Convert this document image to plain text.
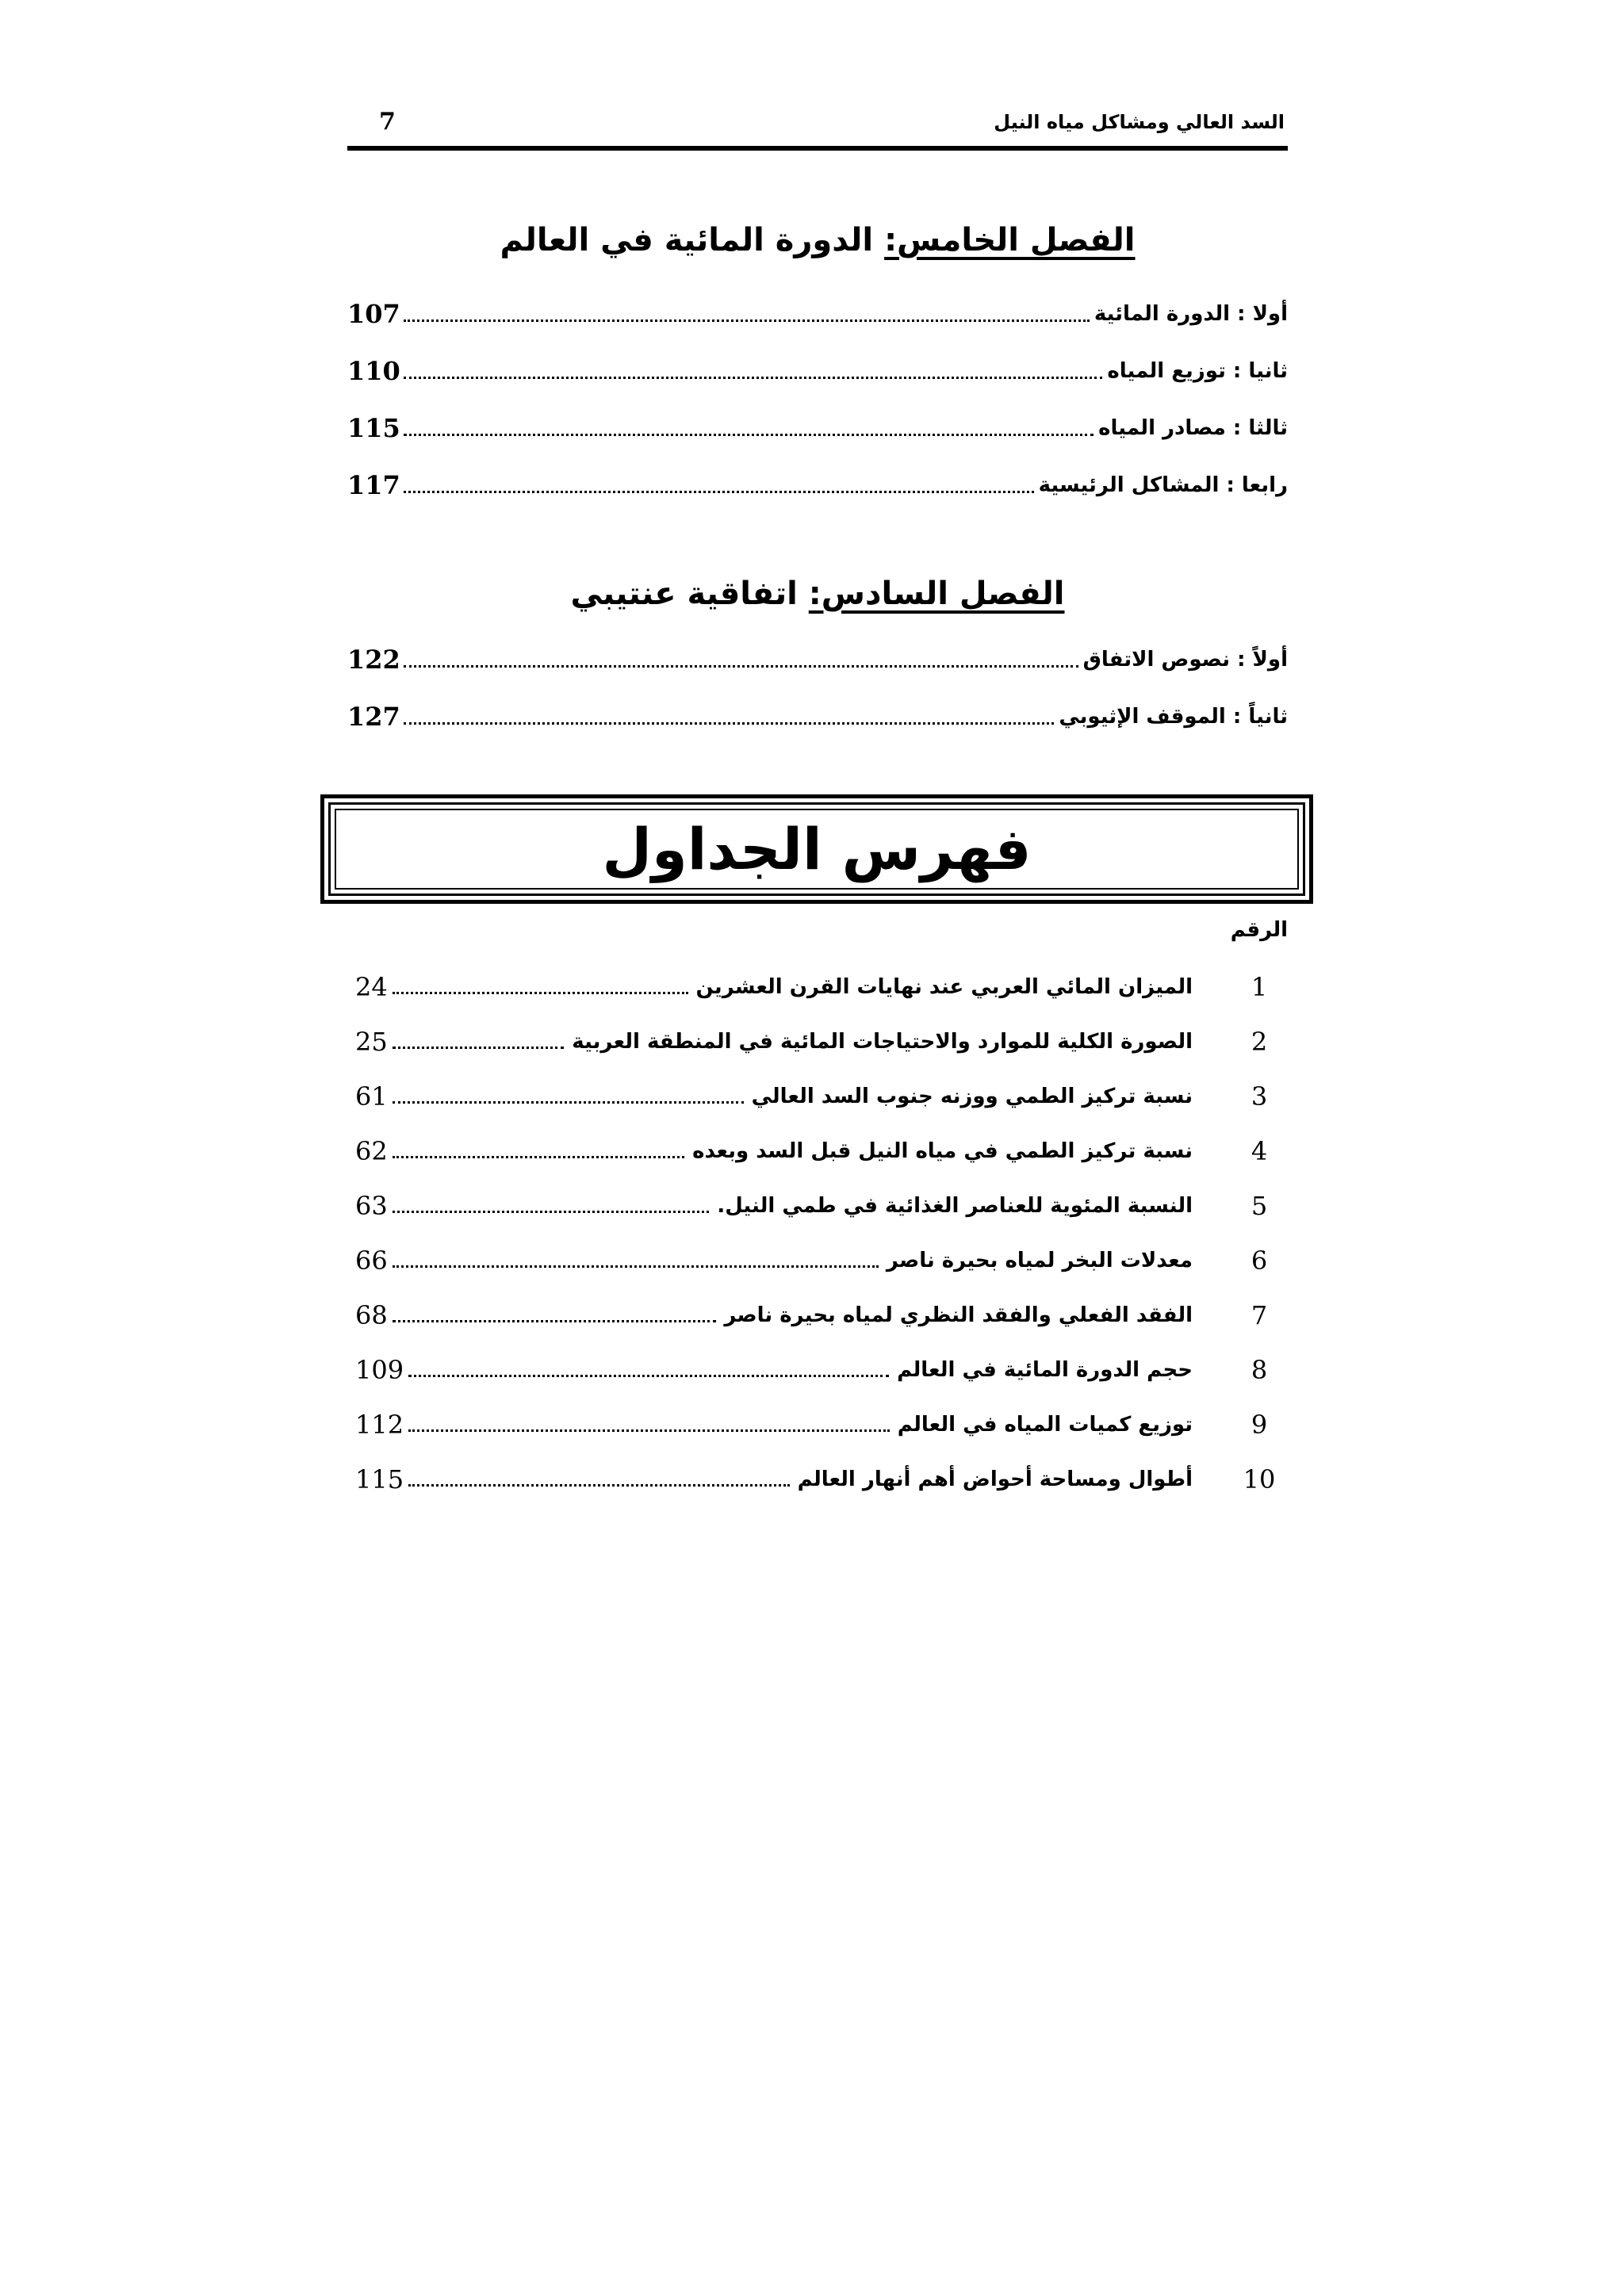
7	السد العالي ومشاكل مياه النيل
الفصل الخامس: الدورة المائية في العالم
أولا : الدورة المائية
107
ثانيا : توزيع المياه
110
ثالثا : مصادر المياه
115
رابعا : المشاكل الرئيسية
117
الفصل السادس: اتفاقية عنتيبي
أولاً : نصوص الاتفاق
122
ثانياً : الموقف الإثيوبي
127
فهرس الجداول
الرقم
1
الميزان المائي العربي عند نهايات القرن العشرين
24
2
الصورة الكلية للموارد والاحتياجات المائية في المنطقة العربية
25
3
نسبة تركيز الطمي ووزنه جنوب السد العالي
61
4
نسبة تركيز الطمي في مياه النيل قبل السد وبعده
62
5
النسبة المئوية للعناصر الغذائية في طمي النيل.
63
6
معدلات البخر لمياه بحيرة ناصر
66
7
الفقد الفعلي والفقد النظري لمياه بحيرة ناصر
68
8
حجم الدورة المائية في العالم
109
9
توزيع كميات المياه في العالم
112
10
أطوال ومساحة أحواض أهم أنهار العالم
115
